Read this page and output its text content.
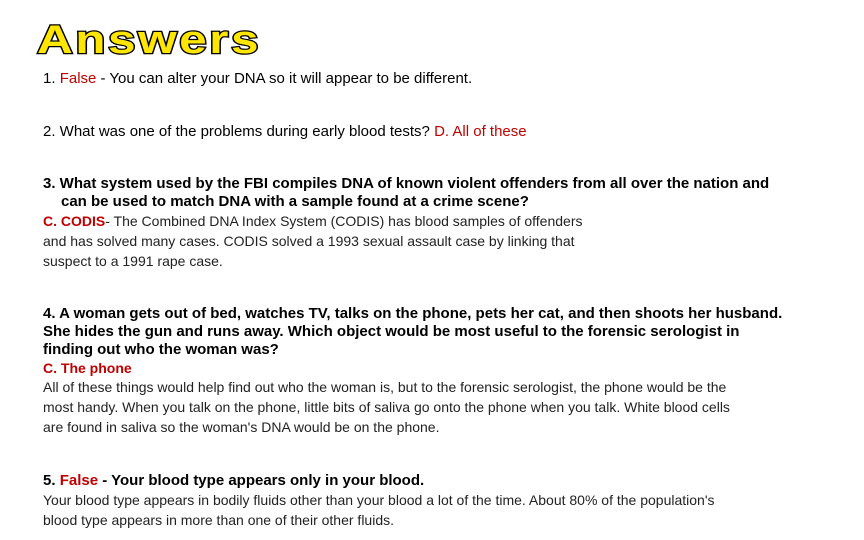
Answers
1. False - You can alter your DNA so it will appear to be different.
2. What was one of the problems during early blood tests? D. All of these
3. What system used by the FBI compiles DNA of known violent offenders from all over the nation and
can be used to match DNA with a sample found at a crime scene?
C. CODIS- The Combined DNA Index System (CODIS) has blood samples of offenders
and has solved many cases. CODIS solved a 1993 sexual assault case by linking that
suspect to a 1991 rape case.
4. A woman gets out of bed, watches TV, talks on the phone, pets her cat, and then shoots her husband.
She hides the gun and runs away. Which object would be most useful to the forensic serologist in
finding out who the woman was?
C. The phone
All of these things would help find out who the woman is, but to the forensic serologist, the phone would be the
most handy. When you talk on the phone, little bits of saliva go onto the phone when you talk. White blood cells
are found in saliva so the woman's DNA would be on the phone.
5. False - Your blood type appears only in your blood.
Your blood type appears in bodily fluids other than your blood a lot of the time. About 80% of the population's
blood type appears in more than one of their other fluids.
